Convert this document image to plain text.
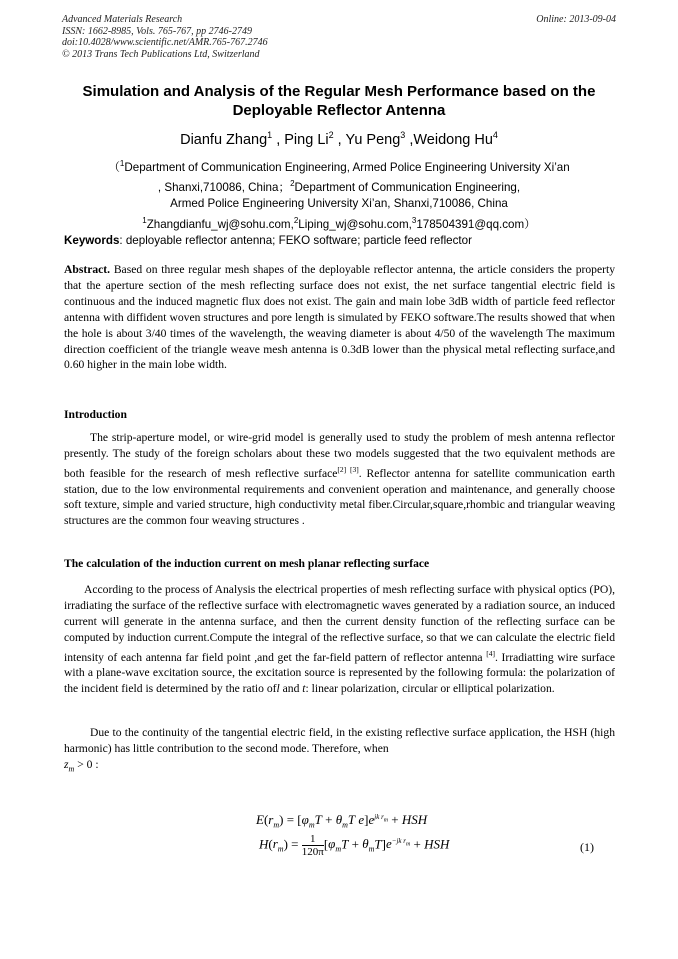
Advanced Materials Research
ISSN: 1662-8985, Vols. 765-767, pp 2746-2749
doi:10.4028/www.scientific.net/AMR.765-767.2746
© 2013 Trans Tech Publications Ltd, Switzerland
Online: 2013-09-04
Simulation and Analysis of the Regular Mesh Performance based on the
Deployable Reflector Antenna
Dianfu Zhang$^1$ , Ping Li$^2$ , Yu Peng$^3$ ,Weidong Hu$^4$
（$^1$Department of Communication Engineering, Armed Police Engineering University Xi’an
, Shanxi,710086, China；$^2$Department of Communication Engineering,
Armed Police Engineering University Xi’an, Shanxi,710086, China
$^1$Zhangdianfu_wj@sohu.com,$^2$Liping_wj@sohu.com,$^3$178504391@qq.com）
Keywords: deployable reflector antenna; FEKO software; particle feed reflector
Abstract. Based on three regular mesh shapes of the deployable reflector antenna, the article considers the property that the aperture section of the mesh reflecting surface does not exist, the net surface tangential electric field is continuous and the induced magnetic flux does not exist. The gain and main lobe 3dB width of particle feed reflector antenna with diffident woven structures and pore length is simulated by FEKO software.The results showed that when the hole is about 3/40 times of the wavelength, the weaving diameter is about 4/50 of the wavelength The maximum direction coefficient of the triangle weave mesh antenna is 0.3dB lower than the physical metal reflecting surface,and 0.60 higher in the main lobe width.
Introduction
The strip-aperture model, or wire-grid model is generally used to study the problem of mesh antenna reflector presently. The study of the foreign scholars about these two models suggested that the two equivalent methods are both feasible for the research of mesh reflective surface[2] [3]. Reflector antenna for satellite communication earth station, due to the low environmental requirements and convenient operation and maintenance, and generally choose soft texture, simple and varied structure, high conductivity metal fiber.Circular,square,rhombic and triangular weaving structures are the common four weaving structures .
The calculation of the induction current on mesh planar reflecting surface
According to the process of Analysis the electrical properties of mesh reflecting surface with physical optics (PO), irradiating the surface of the reflective surface with electromagnetic waves generated by a radiation source, an induced current will generate in the antenna surface, and then the current density function of the reflecting surface can be computed by induction current.Compute the integral of the reflective surface, so that we can calculate the electric field intensity of each antenna far field point ,and get the far-field pattern of reflector antenna [4]. Irradiatting wire surface with a plane-wave excitation source, the excitation source is represented by the following formula: the polarization of the incident field is determined by the ratio ofl and t: linear polarization, circular or elliptical polarization.
Due to the continuity of the tangential electric field, in the existing reflective surface application, the HSH (high harmonic) has little contribution to the second mode. Therefore, when
$z_m > 0$ :
$E(r_m) = [\varphi_mT + \theta_mT$ $e]e^{jk r_m}$ + HSH
$H(r_m) = \frac{1}{120\pi} [\varphi_mT + \theta_mT]e^{-jk r_m}$ + HSH	(1)
